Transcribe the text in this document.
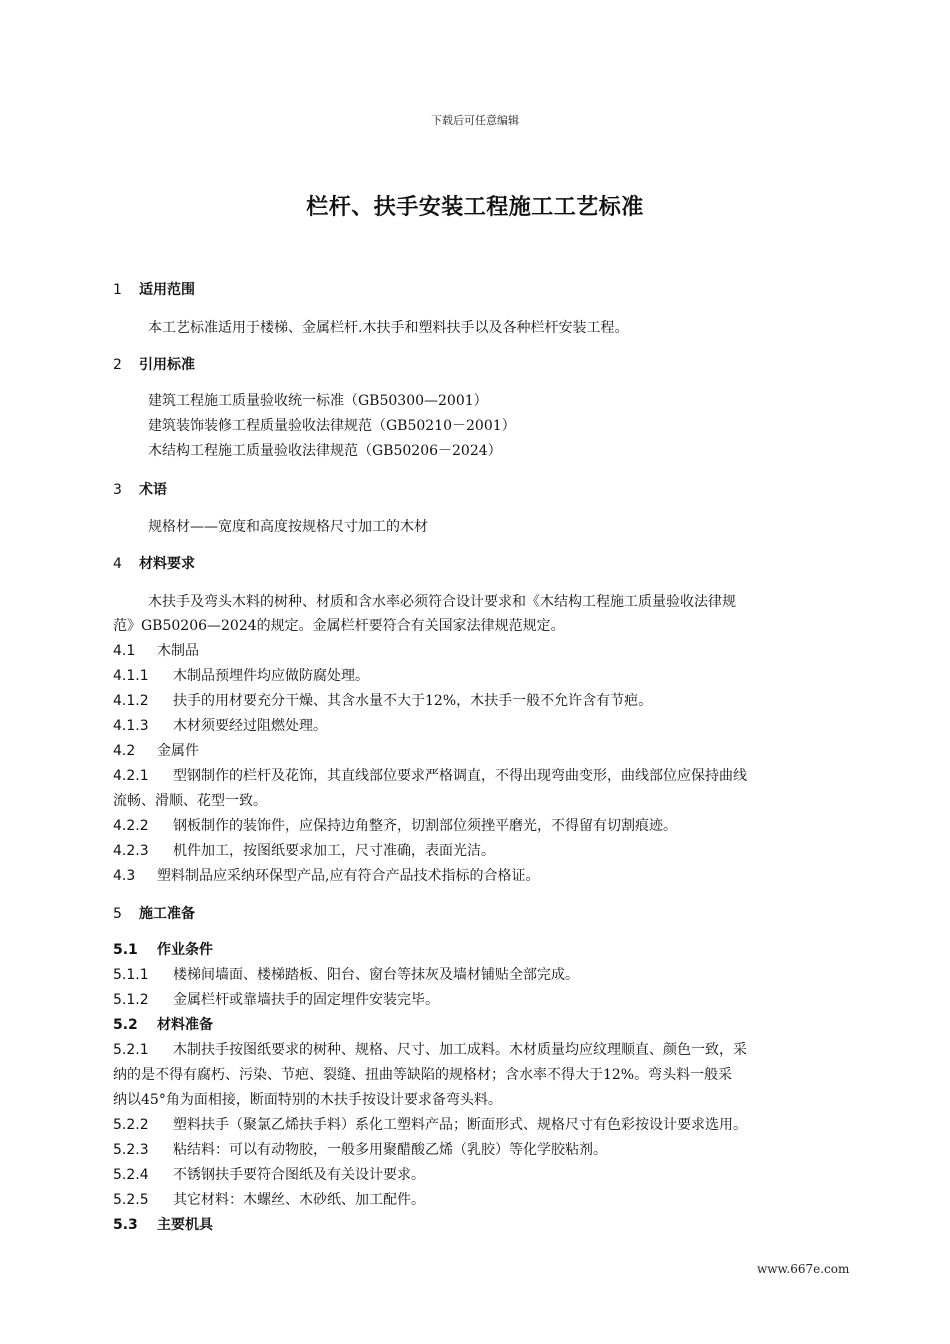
下载后可任意编辑
栏杆、扶手安装工程施工工艺标准
1 适用范围
本工艺标准适用于楼梯、金属栏杆.木扶手和塑料扶手以及各种栏杆安装工程。
2 引用标准
建筑工程施工质量验收统一标准（GB50300—2001）
建筑装饰装修工程质量验收法律规范（GB50210－2001）
木结构工程施工质量验收法律规范（GB50206－2024）
3 术语
规格材——宽度和高度按规格尺寸加工的木材
4 材料要求
木扶手及弯头木料的树种、材质和含水率必须符合设计要求和《木结构工程施工质量验收法律规
范》GB50206—2024的规定。金属栏杆要符合有关国家法律规范规定。
4.1 木制品
4.1.1 木制品预埋件均应做防腐处理。
4.1.2 扶手的用材要充分干燥、其含水量不大于12%，木扶手一般不允许含有节疤。
4.1.3 木材须要经过阻燃处理。
4.2 金属件
4.2.1 型钢制作的栏杆及花饰，其直线部位要求严格调直，不得出现弯曲变形，曲线部位应保持曲线
流畅、滑顺、花型一致。
4.2.2 钢板制作的装饰件，应保持边角整齐，切割部位须挫平磨光，不得留有切割痕迹。
4.2.3 机件加工，按图纸要求加工，尺寸准确，表面光洁。
4.3 塑料制品应采纳环保型产品,应有符合产品技术指标的合格证。
5 施工准备
5.1 作业条件
5.1.1 楼梯间墙面、楼梯踏板、阳台、窗台等抹灰及墙材铺贴全部完成。
5.1.2 金属栏杆或靠墙扶手的固定埋件安装完毕。
5.2 材料准备
5.2.1 木制扶手按图纸要求的树种、规格、尺寸、加工成料。木材质量均应纹理顺直、颜色一致，采
纳的是不得有腐朽、污染、节疤、裂缝、扭曲等缺陷的规格材；含水率不得大于12%。弯头料一般采
纳以45°角为面相接，断面特别的木扶手按设计要求备弯头料。
5.2.2 塑料扶手（聚氯乙烯扶手料）系化工塑料产品；断面形式、规格尺寸有色彩按设计要求选用。
5.2.3 粘结料：可以有动物胶，一般多用聚醋酸乙烯（乳胶）等化学胶粘剂。
5.2.4 不锈钢扶手要符合图纸及有关设计要求。
5.2.5 其它材料：木螺丝、木砂纸、加工配件。
5.3 主要机具
www.667e.com
